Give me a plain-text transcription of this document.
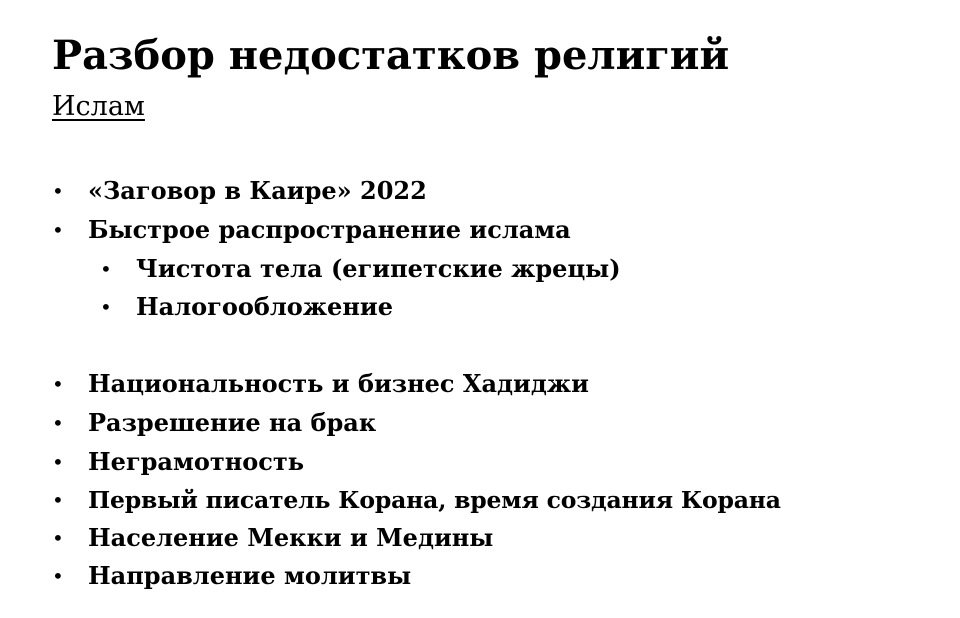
Разбор недостатков религий
Ислам
• «Заговор в Каире» 2022
• Быстрое распространение ислама
• Чистота тела (египетские жрецы)
• Налогообложение
• Национальность и бизнес Хадиджи
• Разрешение на брак
• Неграмотность
• Первый писатель Корана, время создания Корана
• Население Мекки и Медины
• Направление молитвы
